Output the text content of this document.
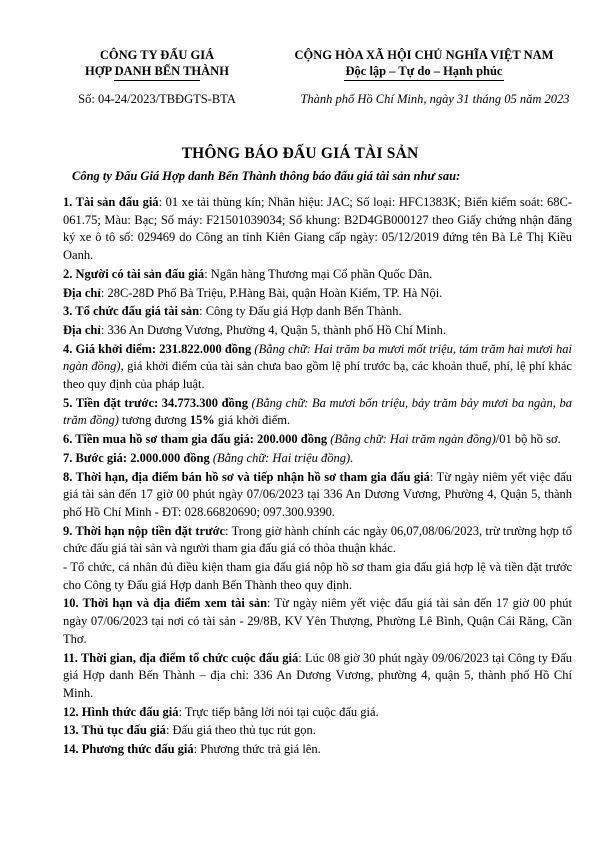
CÔNG TY ĐẤU GIÁ
HỢP DANH BẾN THÀNH
CỘNG HÒA XÃ HỘI CHỦ NGHĨA VIỆT NAM
Độc lập – Tự do – Hạnh phúc
Số: 04-24/2023/TBĐGTS-BTA	Thành phố Hồ Chí Minh, ngày 31 tháng 05 năm 2023
THÔNG BÁO ĐẤU GIÁ TÀI SẢN
Công ty Đấu Giá Hợp danh Bến Thành thông báo đấu giá tài sản như sau:

1. Tài sản đấu giá: 01 xe tải thùng kín; Nhãn hiệu: JAC; Số loại: HFC1383K; Biển kiểm soát: 68C-061.75; Màu: Bạc; Số máy: F21501039034; Số khung: B2D4GB000127 theo Giấy chứng nhận đăng ký xe ô tô số: 029469 do Công an tỉnh Kiên Giang cấp ngày: 05/12/2019 đứng tên Bà Lê Thị Kiều Oanh.

2. Người có tài sản đấu giá: Ngân hàng Thương mại Cổ phần Quốc Dân.

Địa chỉ: 28C-28D Phố Bà Triệu, P.Hàng Bài, quận Hoàn Kiếm, TP. Hà Nội.

3. Tổ chức đấu giá tài sản: Công ty Đấu giá Hợp danh Bến Thành.

Địa chỉ: 336 An Dương Vương, Phường 4, Quận 5, thành phố Hồ Chí Minh.

4. Giá khởi điểm: 231.822.000 đồng (Bằng chữ: Hai trăm ba mươi mốt triệu, tám trăm hai mươi hai ngàn đồng), giá khởi điểm của tài sản chưa bao gồm lệ phí trước bạ, các khoản thuế, phí, lệ phí khác theo quy định của pháp luật.

5. Tiền đặt trước: 34.773.300 đồng (Bằng chữ: Ba mươi bốn triệu, bảy trăm bảy mươi ba ngàn, ba trăm đồng) tương đương 15% giá khởi điểm.

6. Tiền mua hồ sơ tham gia đấu giá: 200.000 đồng (Bằng chữ: Hai trăm ngàn đồng)/01 bộ hồ sơ.

7. Bước giá: 2.000.000 đồng (Bằng chữ: Hai triệu đồng).

8. Thời hạn, địa điểm bán hồ sơ và tiếp nhận hồ sơ tham gia đấu giá: Từ ngày niêm yết việc đấu giá tài sản đến 17 giờ 00 phút ngày 07/06/2023 tại 336 An Dương Vương, Phường 4, Quận 5, thành phố Hồ Chí Minh - ĐT: 028.66820690; 097.300.9390.

9. Thời hạn nộp tiền đặt trước: Trong giờ hành chính các ngày 06,07,08/06/2023, trừ trường hợp tổ chức đấu giá tài sản và người tham gia đấu giá có thỏa thuận khác.

- Tổ chức, cá nhân đủ điều kiện tham gia đấu giá nộp hồ sơ tham gia đấu giá hợp lệ và tiền đặt trước cho Công ty Đấu giá Hợp danh Bến Thành theo quy định.

10. Thời hạn và địa điểm xem tài sản: Từ ngày niêm yết việc đấu giá tài sản đến 17 giờ 00 phút ngày 07/06/2023 tại nơi có tài sản - 29/8B, KV Yên Thượng, Phường Lê Bình, Quận Cái Răng, Cần Thơ.

11. Thời gian, địa điểm tổ chức cuộc đấu giá: Lúc 08 giờ 30 phút ngày 09/06/2023 tại Công ty Đấu giá Hợp danh Bến Thành – địa chỉ: 336 An Dương Vương, phường 4, quận 5, thành phố Hồ Chí Minh.

12. Hình thức đấu giá: Trực tiếp bằng lời nói tại cuộc đấu giá.

13. Thủ tục đấu giá: Đấu giá theo thủ tục rút gọn.

14. Phương thức đấu giá: Phương thức trả giá lên.
